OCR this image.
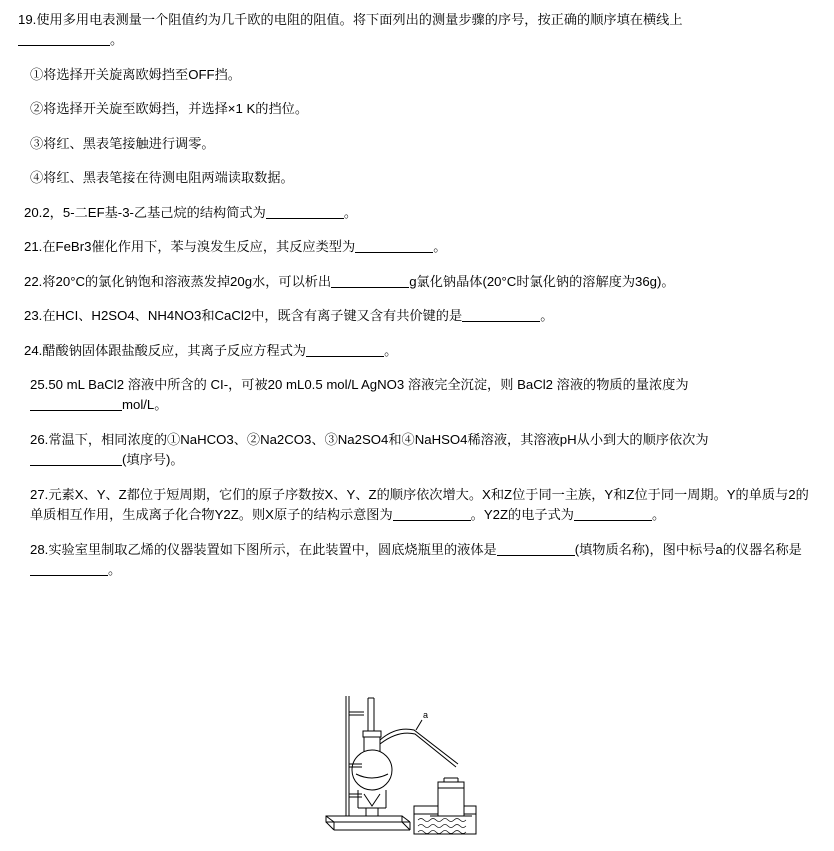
19.使用多用电表测量一个阻值约为几千欧的电阻的阻值。将下面列出的测量步骤的序号，按正确的顺序填在横线上
。

①将选择开关旋离欧姆挡至OFF挡。

②将选择开关旋至欧姆挡，并选择×1 K的挡位。

③将红、黑表笔接触进行调零。

④将红、黑表笔接在待测电阻两端读取数据。

20.2，5-二EF基-3-乙基己烷的结构简式为	。

21.在FeBr3催化作用下，苯与溴发生反应，其反应类型为	。

22.将20°C的氯化钠饱和溶液蒸发掉20g水，可以析出	g氯化钠晶体(20°C时氯化钠的溶解度为36g)。

23.在HCI、H2SO4、NH4NO3和CaCl2中，既含有离子键又含有共价键的是	。

24.醋酸钠固体跟盐酸反应，其离子反应方程式为	。

25.50 mL BaCl2 溶液中所含的 CI-，可被20 mL0.5 mol/L AgNO3 溶液完全沉淀，则 BaCl2 溶液的物质的量浓度为
mol/L。

26.常温下，相同浓度的①NaHCO3、②Na2CO3、③Na2SO4和④NaHSO4稀溶液，其溶液pH从小到大的顺序依次为
(填序号)。

27.元素X、Y、Z都位于短周期，它们的原子序数按X、Y、Z的顺序依次增大。X和Z位于同一主族，Y和Z位于同一周期。Y的单质与2的单质相互作用，生成离子化合物Y2Z。则X原子的结构示意图为	。Y2Z的电子式为	。

28.实验室里制取乙烯的仪器装置如下图所示，在此装置中，圆底烧瓶里的液体是	(填物质名称)，图中标号a的仪器名称是。

a
